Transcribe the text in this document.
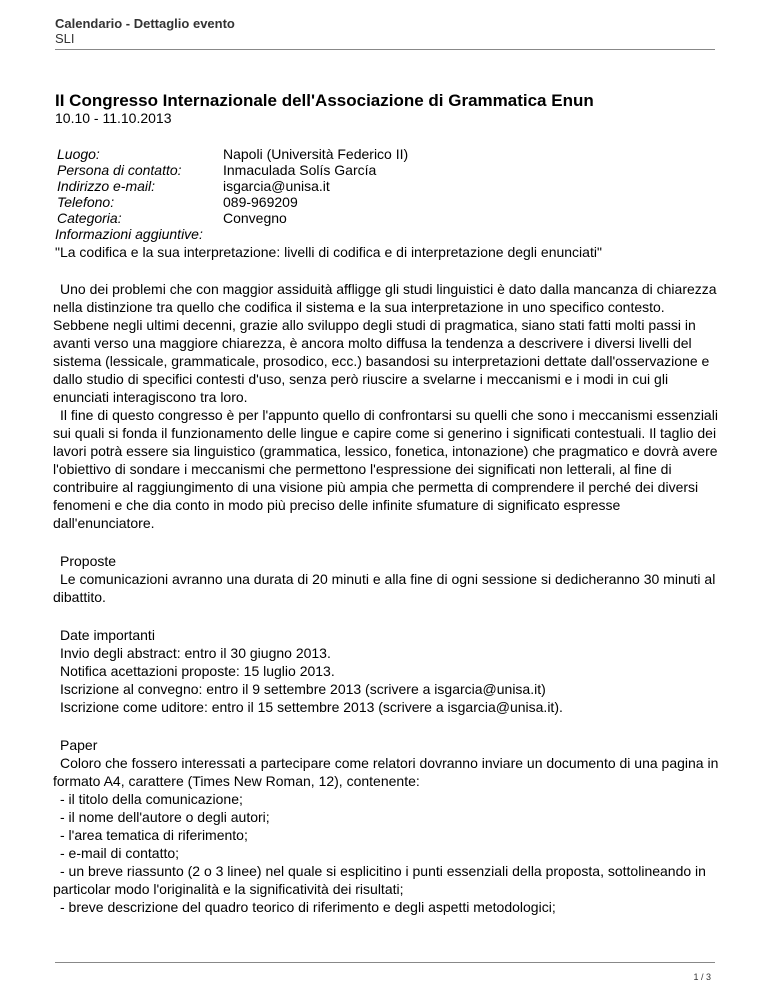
Calendario - Dettaglio evento
SLI
II Congresso Internazionale dell'Associazione di Grammatica Enun
10.10 - 11.10.2013
Luogo:	Napoli (Università Federico II)
Persona di contatto:	Inmaculada Solís García
Indirizzo e-mail:	isgarcia@unisa.it
Telefono:	089-969209
Categoria:	Convegno
Informazioni aggiuntive:
"La codifica e la sua interpretazione: livelli di codifica e di interpretazione degli enunciati"

Uno dei problemi che con maggior assiduità affligge gli studi linguistici è dato dalla mancanza di chiarezza nella distinzione tra quello che codifica il sistema e la sua interpretazione in uno specifico contesto. Sebbene negli ultimi decenni, grazie allo sviluppo degli studi di pragmatica, siano stati fatti molti passi in avanti verso una maggiore chiarezza, è ancora molto diffusa la tendenza a descrivere i diversi livelli del sistema (lessicale, grammaticale, prosodico, ecc.) basandosi su interpretazioni dettate dall'osservazione e dallo studio di specifici contesti d'uso, senza però riuscire a svelarne i meccanismi e i modi in cui gli enunciati interagiscono tra loro.

Il fine di questo congresso è per l'appunto quello di confrontarsi su quelli che sono i meccanismi essenziali sui quali si fonda il funzionamento delle lingue e capire come si generino i significati contestuali. Il taglio dei lavori potrà essere sia linguistico (grammatica, lessico, fonetica, intonazione) che pragmatico e dovrà avere l'obiettivo di sondare i meccanismi che permettono l'espressione dei significati non letterali, al fine di contribuire al raggiungimento di una visione più ampia che permetta di comprendere il perché dei diversi fenomeni e che dia conto in modo più preciso delle infinite sfumature di significato espresse dall'enunciatore.

Proposte

Le comunicazioni avranno una durata di 20 minuti e alla fine di ogni sessione si dedicheranno 30 minuti al dibattito.

Date importanti
Invio degli abstract: entro il 30 giugno 2013.
Notifica acettazioni proposte: 15 luglio 2013.
Iscrizione al convegno: entro il 9 settembre 2013 (scrivere a isgarcia@unisa.it)
Iscrizione come uditore: entro il 15 settembre 2013 (scrivere a isgarcia@unisa.it).
Paper

Coloro che fossero interessati a partecipare come relatori dovranno inviare un documento di una pagina in formato A4, carattere (Times New Roman, 12), contenente:

- il titolo della comunicazione;
- il nome dell'autore o degli autori;
- l'area tematica di riferimento;
- e-mail di contatto;

- un breve riassunto (2 o 3 linee) nel quale si esplicitino i punti essenziali della proposta, sottolineando in particolar modo l'originalità e la significatività dei risultati;

- breve descrizione del quadro teorico di riferimento e degli aspetti metodologici;
1 / 3
